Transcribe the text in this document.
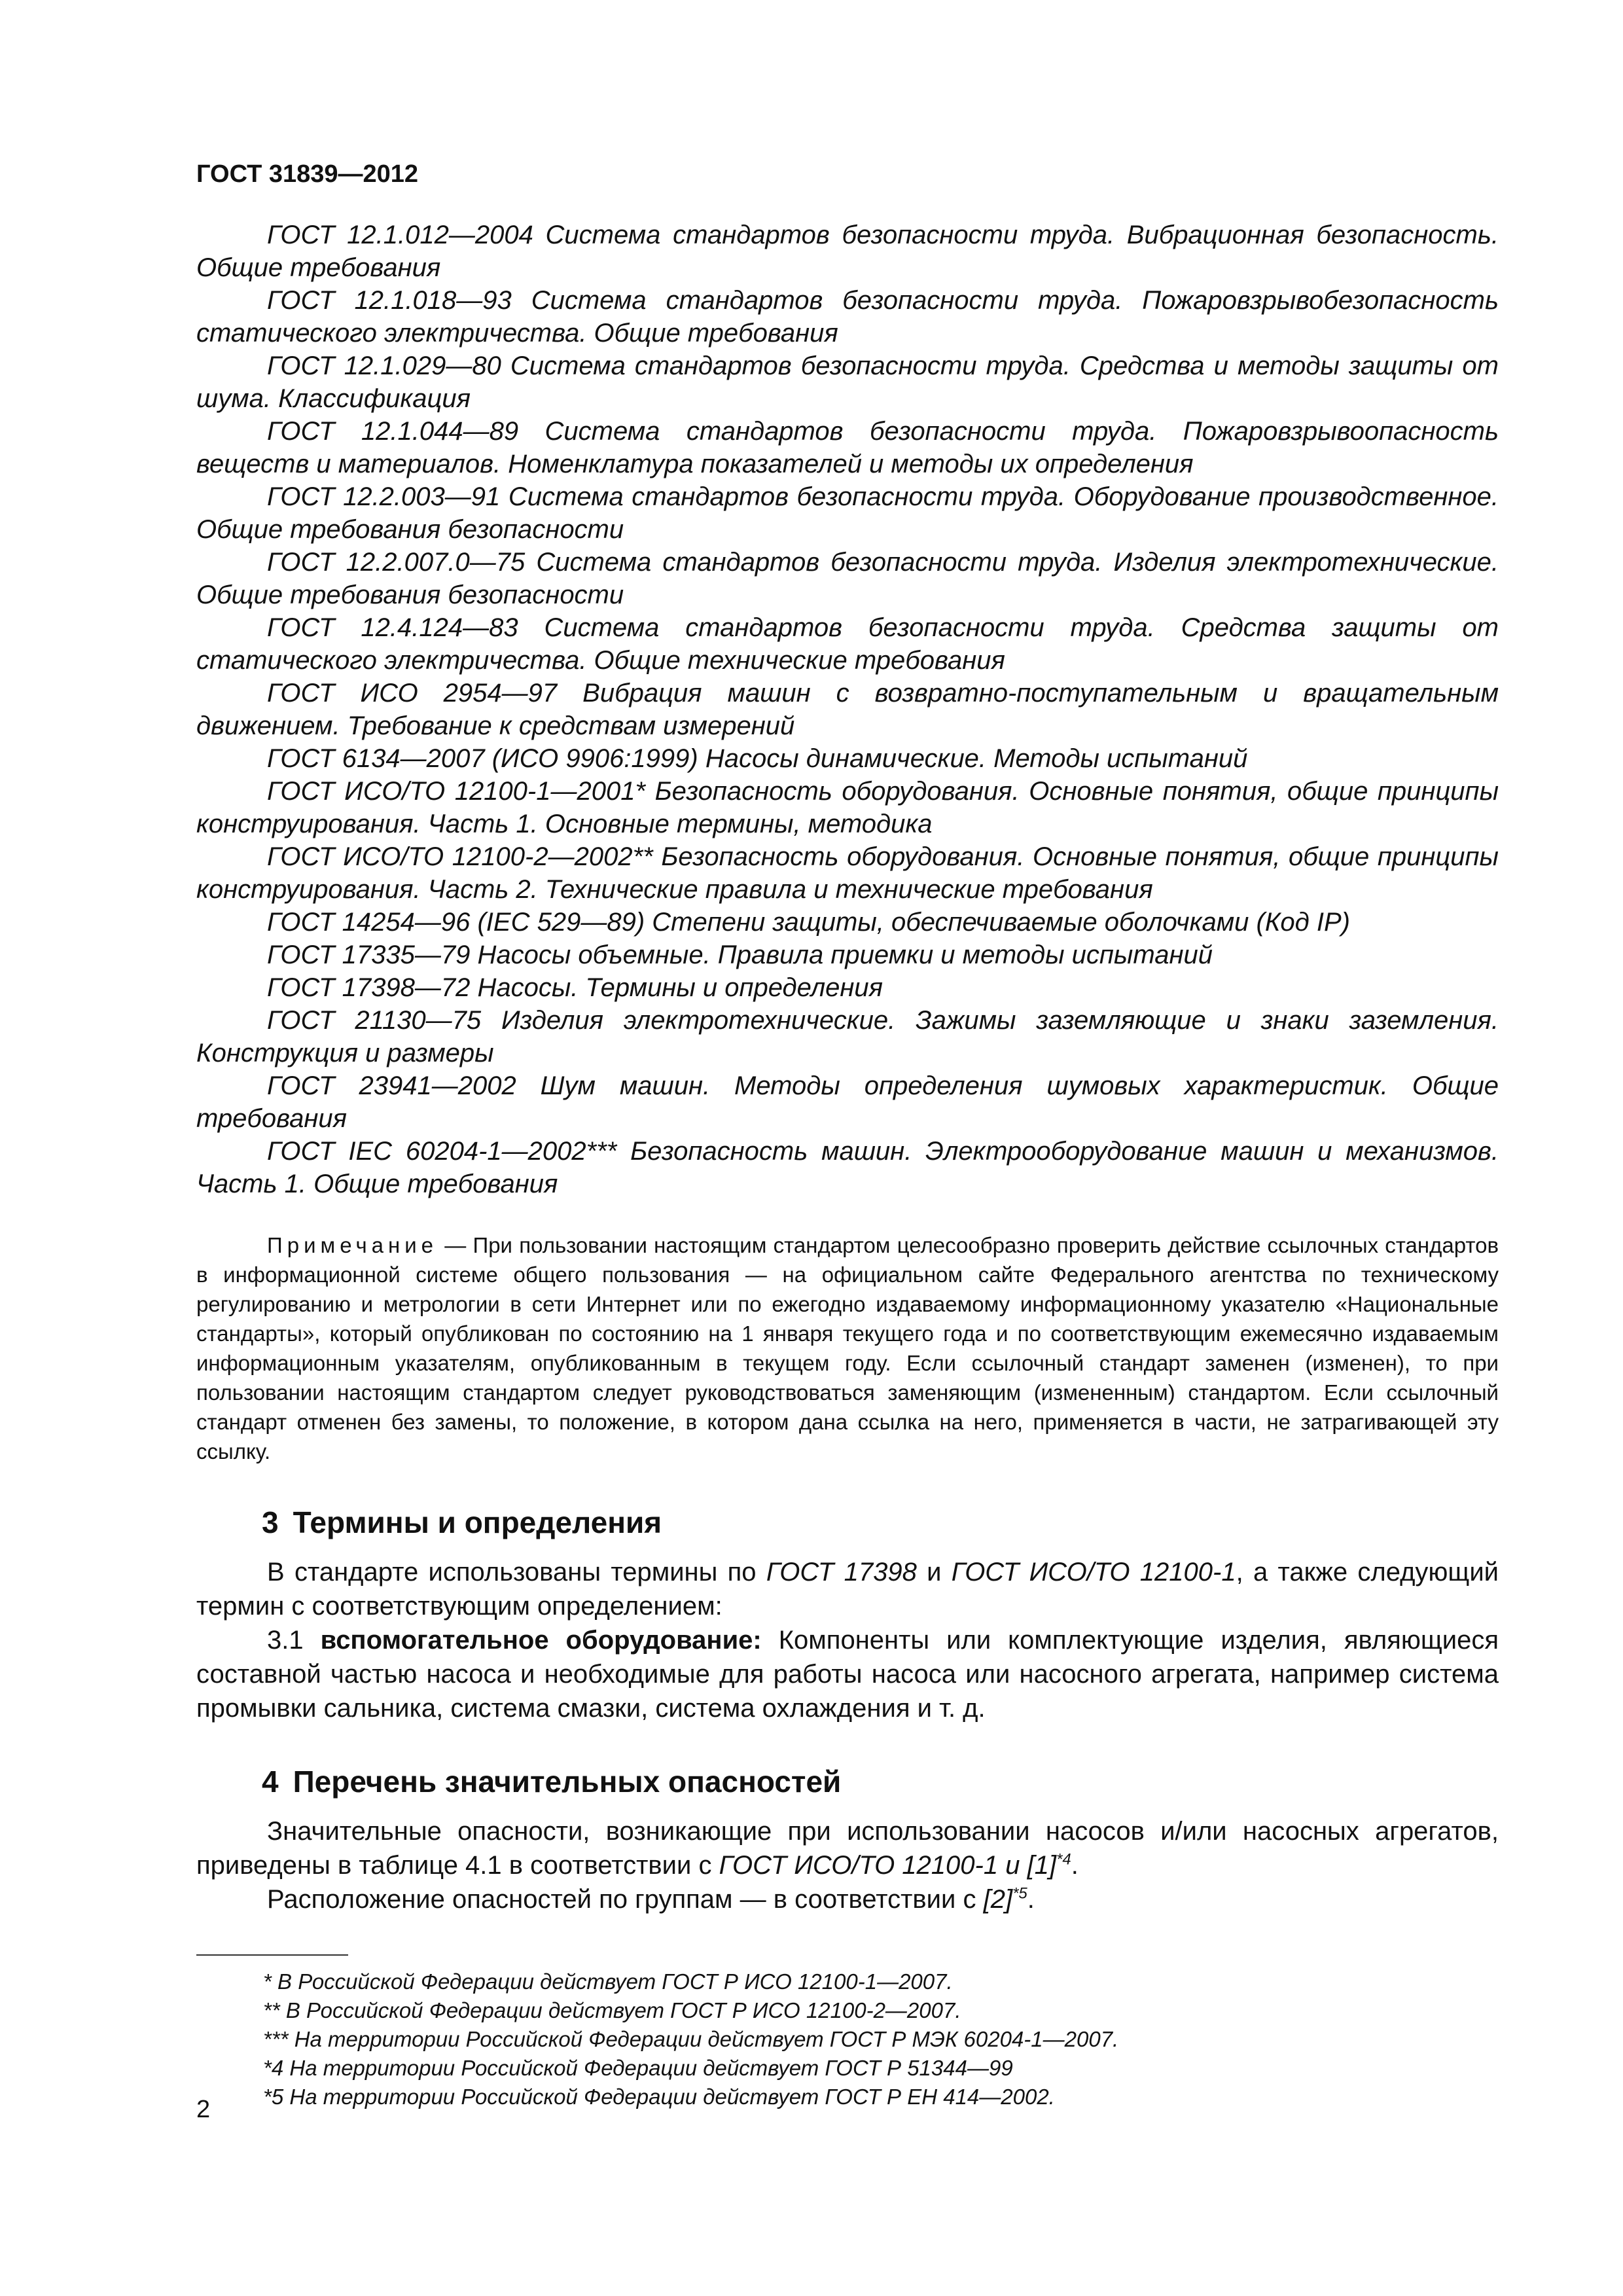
ГОСТ 31839—2012

ГОСТ 12.1.012—2004 Система стандартов безопасности труда. Вибрационная безопасность. Общие требования

ГОСТ 12.1.018—93 Система стандартов безопасности труда. Пожаровзрывобезопасность статического электричества. Общие требования

ГОСТ 12.1.029—80 Система стандартов безопасности труда. Средства и методы защиты от шума. Классификация

ГОСТ 12.1.044—89 Система стандартов безопасности труда. Пожаровзрывоопасность веществ и материалов. Номенклатура показателей и методы их определения

ГОСТ 12.2.003—91 Система стандартов безопасности труда. Оборудование производственное. Общие требования безопасности

ГОСТ 12.2.007.0—75 Система стандартов безопасности труда. Изделия электротехнические. Общие требования безопасности

ГОСТ 12.4.124—83 Система стандартов безопасности труда. Средства защиты от статического электричества. Общие технические требования

ГОСТ ИСО 2954—97 Вибрация машин с возвратно-поступательным и вращательным движением. Требование к средствам измерений

ГОСТ 6134—2007 (ИСО 9906:1999) Насосы динамические. Методы испытаний

ГОСТ ИСО/ТО 12100-1—2001* Безопасность оборудования. Основные понятия, общие принципы конструирования. Часть 1. Основные термины, методика

ГОСТ ИСО/ТО 12100-2—2002** Безопасность оборудования. Основные понятия, общие принципы конструирования. Часть 2. Технические правила и технические требования

ГОСТ 14254—96 (IEC 529—89) Степени защиты, обеспечиваемые оболочками (Код IP)

ГОСТ 17335—79 Насосы объемные. Правила приемки и методы испытаний

ГОСТ 17398—72 Насосы. Термины и определения

ГОСТ 21130—75 Изделия электротехнические. Зажимы заземляющие и знаки заземления. Конструкция и размеры

ГОСТ 23941—2002 Шум машин. Методы определения шумовых характеристик. Общие требования

ГОСТ IEC 60204-1—2002*** Безопасность машин. Электрооборудование машин и механизмов. Часть 1. Общие требования

Примечание — При пользовании настоящим стандартом целесообразно проверить действие ссылочных стандартов в информационной системе общего пользования — на официальном сайте Федерального агентства по техническому регулированию и метрологии в сети Интернет или по ежегодно издаваемому информационному указателю «Национальные стандарты», который опубликован по состоянию на 1 января текущего года и по соответствующим ежемесячно издаваемым информационным указателям, опубликованным в текущем году. Если ссылочный стандарт заменен (изменен), то при пользовании настоящим стандартом следует руководствоваться заменяющим (измененным) стандартом. Если ссылочный стандарт отменен без замены, то положение, в котором дана ссылка на него, применяется в части, не затрагивающей эту ссылку.

3 Термины и определения

В стандарте использованы термины по ГОСТ 17398 и ГОСТ ИСО/ТО 12100-1, а также следующий термин с соответствующим определением:

3.1 вспомогательное оборудование: Компоненты или комплектующие изделия, являющиеся составной частью насоса и необходимые для работы насоса или насосного агрегата, например система промывки сальника, система смазки, система охлаждения и т. д.

4 Перечень значительных опасностей

Значительные опасности, возникающие при использовании насосов и/или насосных агрегатов, приведены в таблице 4.1 в соответствии с ГОСТ ИСО/ТО 12100-1 и $[1]^{*4}$.

Расположение опасностей по группам — в соответствии с $[2]^{*5}$.

* В Российской Федерации действует ГОСТ Р ИСО 12100-1—2007.

** В Российской Федерации действует ГОСТ Р ИСО 12100-2—2007.

*** На территории Российской Федерации действует ГОСТ Р МЭК 60204-1—2007.

*4 На территории Российской Федерации действует ГОСТ Р 51344—99

*5 На территории Российской Федерации действует ГОСТ Р ЕН 414—2002.

2
